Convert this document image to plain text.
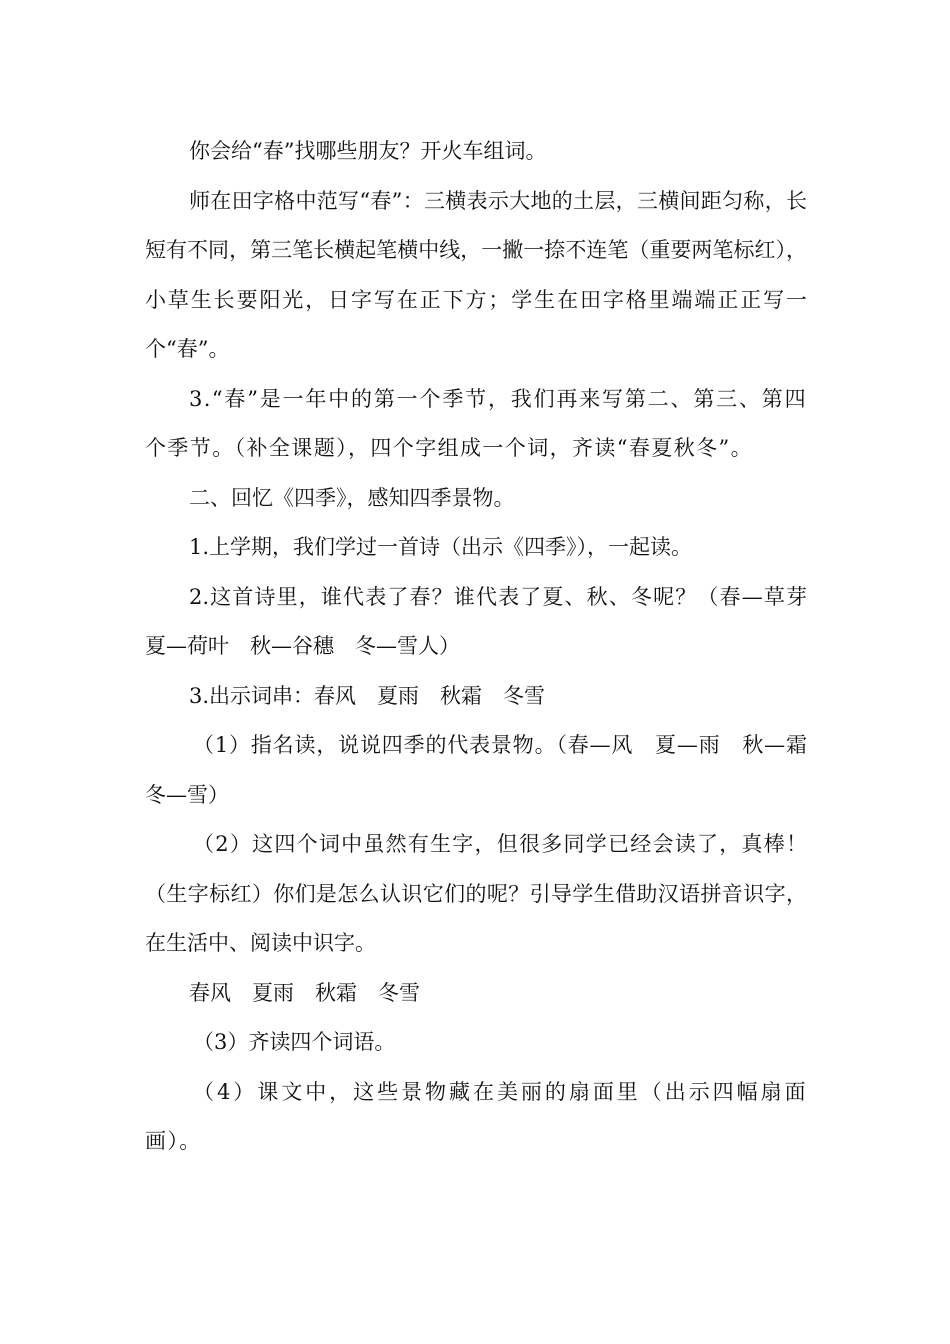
你会给“春”找哪些朋友？开火车组词。

师在田字格中范写“春”：三横表示大地的土层，三横间距匀称，长短有不同，第三笔长横起笔横中线，一撇一捺不连笔（重要两笔标红），小草生长要阳光，日字写在正下方；学生在田字格里端端正正写一个“春”。

3.“春”是一年中的第一个季节，我们再来写第二、第三、第四个季节。（补全课题），四个字组成一个词，齐读“春夏秋冬”。

二、回忆《四季》，感知四季景物。

1.上学期，我们学过一首诗（出示《四季》），一起读。

2.这首诗里，谁代表了春？谁代表了夏、秋、冬呢？（春—草芽　夏—荷叶　秋—谷穗　冬—雪人）

3.出示词串：春风　夏雨　秋霜　冬雪

（1）指名读，说说四季的代表景物。（春—风　夏—雨　秋—霜 冬—雪）

（2）这四个词中虽然有生字，但很多同学已经会读了，真棒！（生字标红）你们是怎么认识它们的呢？引导学生借助汉语拼音识字，在生活中、阅读中识字。

春风　夏雨　秋霜　冬雪

（3）齐读四个词语。

（4）课文中，这些景物藏在美丽的扇面里（出示四幅扇面画）。
